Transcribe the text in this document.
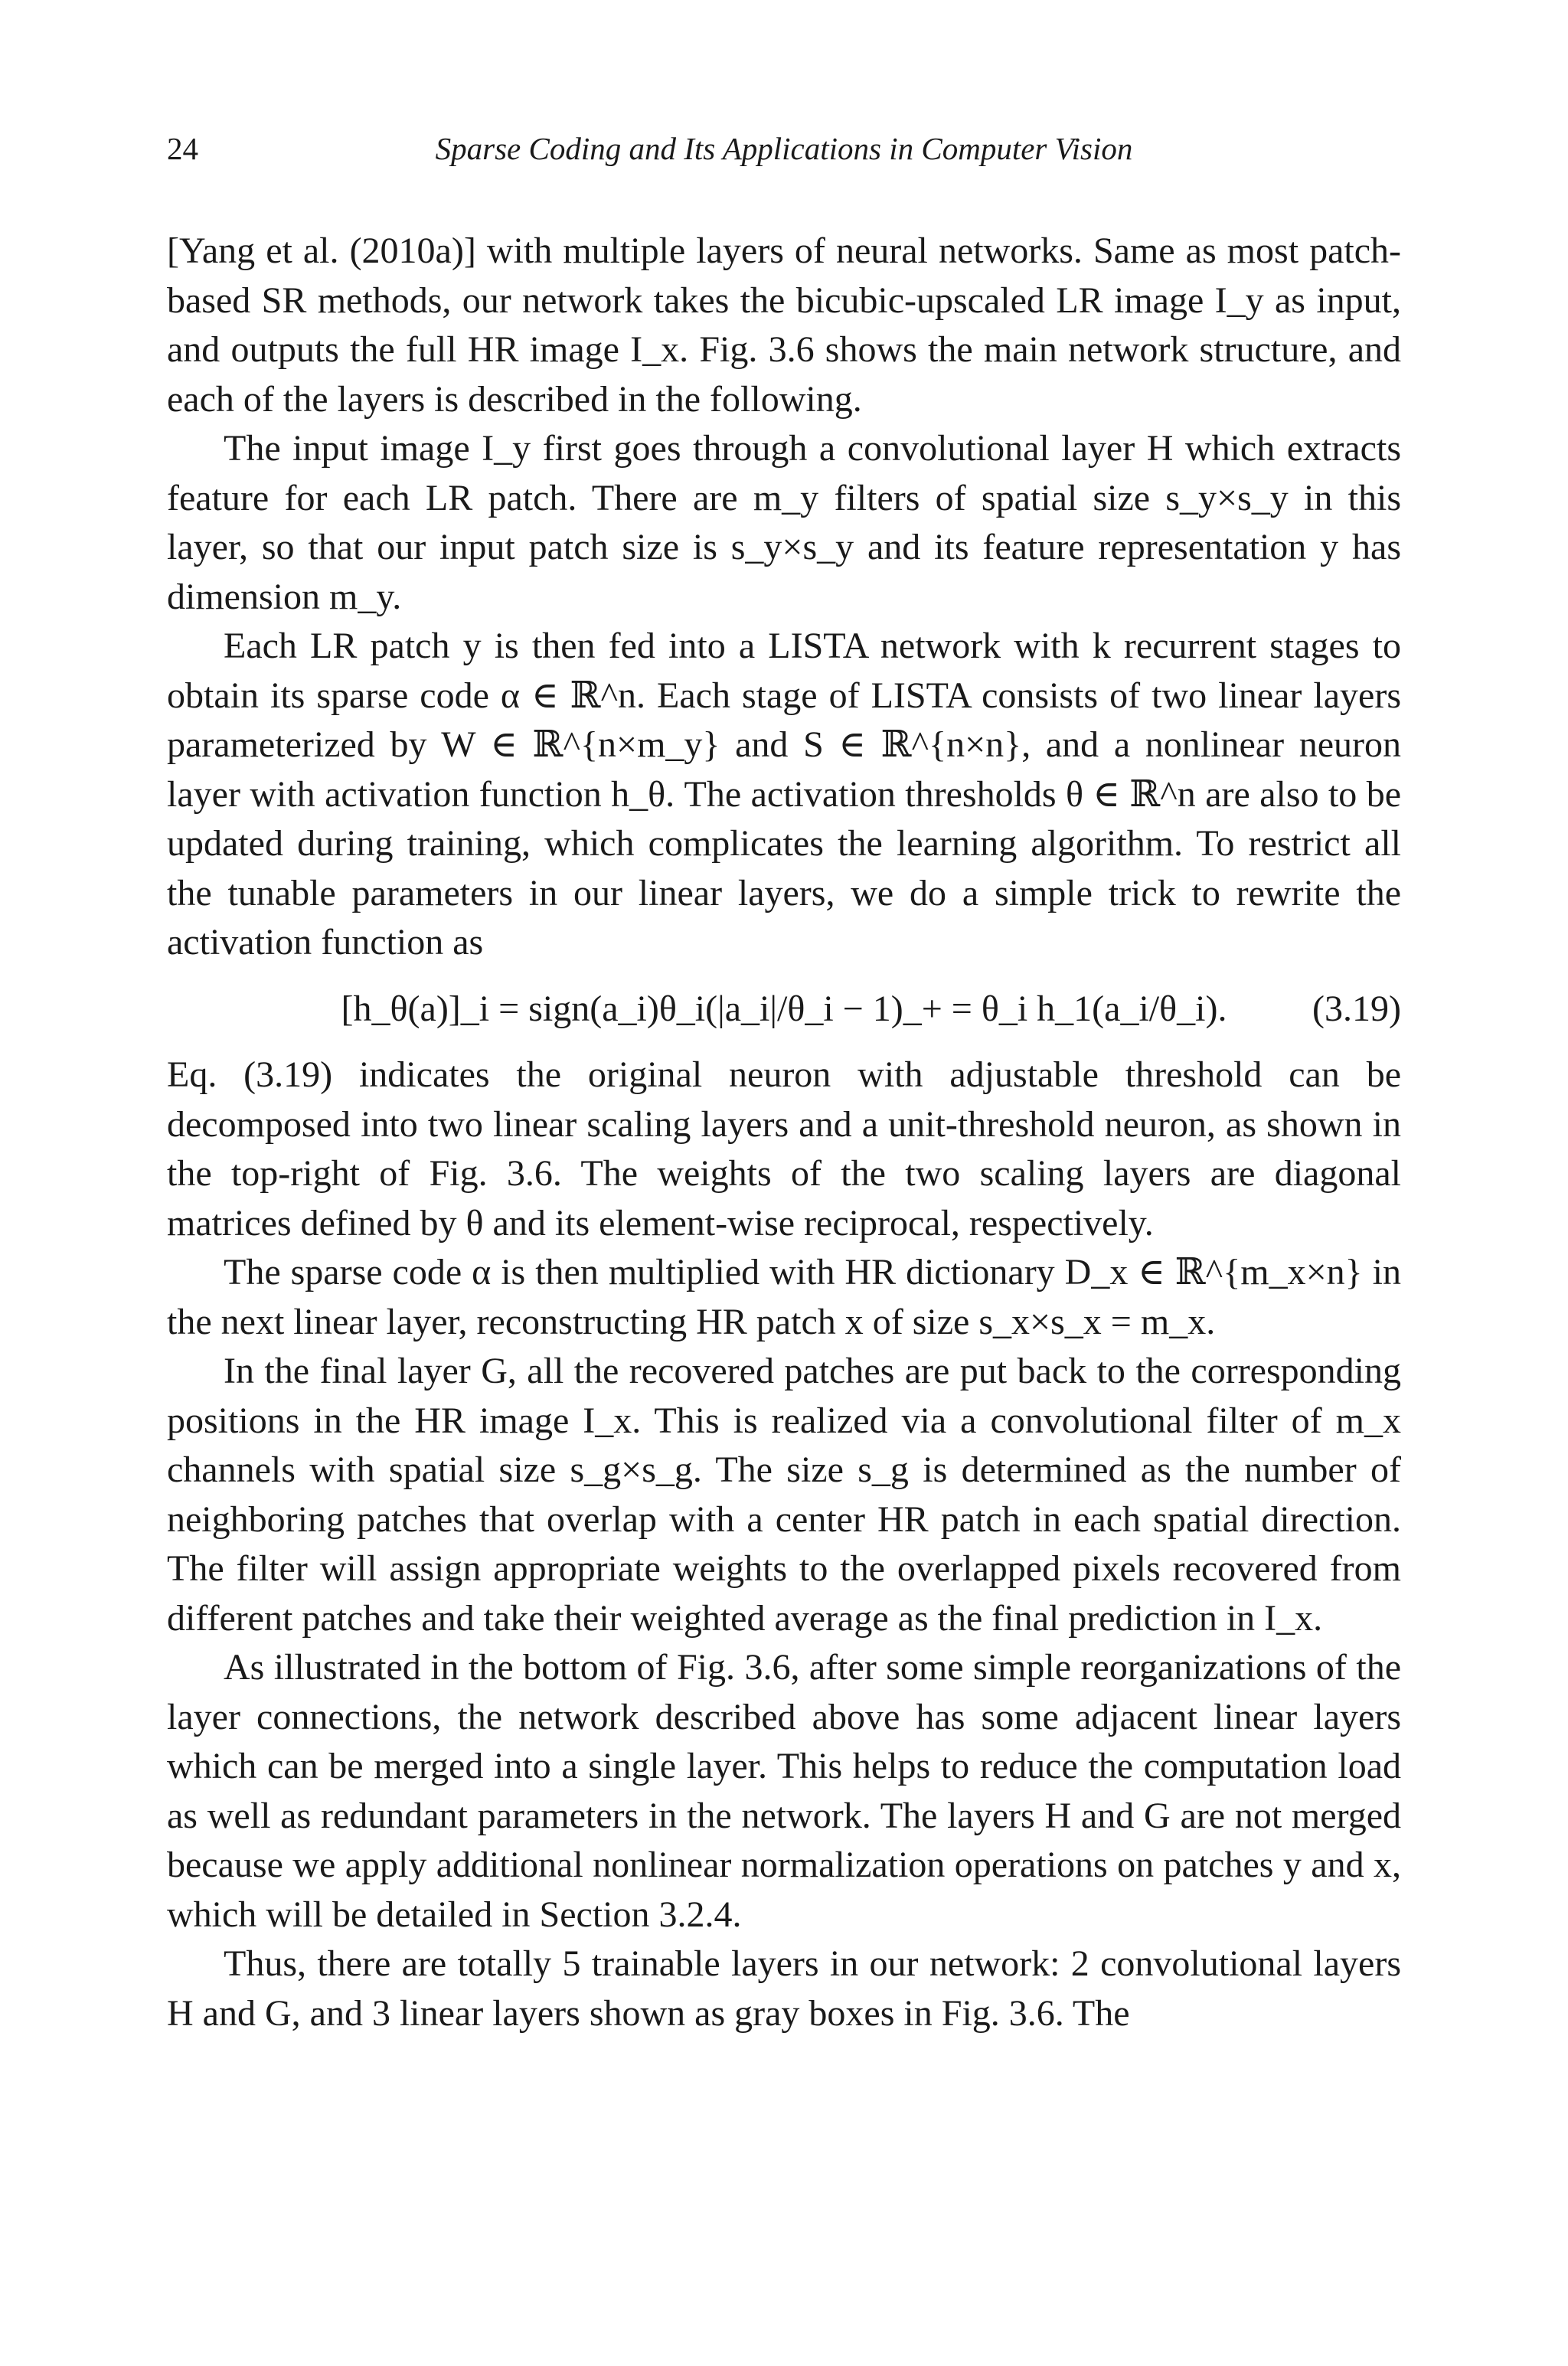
24	Sparse Coding and Its Applications in Computer Vision

[Yang et al. (2010a)] with multiple layers of neural networks. Same as most patch-based SR methods, our network takes the bicubic-upscaled LR image I_y as input, and outputs the full HR image I_x. Fig. 3.6 shows the main network structure, and each of the layers is described in the following.

The input image I_y first goes through a convolutional layer H which extracts feature for each LR patch. There are m_y filters of spatial size s_y×s_y in this layer, so that our input patch size is s_y×s_y and its feature representation y has dimension m_y.

Each LR patch y is then fed into a LISTA network with k recurrent stages to obtain its sparse code α ∈ ℝ^n. Each stage of LISTA consists of two linear layers parameterized by W ∈ ℝ^{n×m_y} and S ∈ ℝ^{n×n}, and a nonlinear neuron layer with activation function h_θ. The activation thresholds θ ∈ ℝ^n are also to be updated during training, which complicates the learning algorithm. To restrict all the tunable parameters in our linear layers, we do a simple trick to rewrite the activation function as

[h_θ(a)]_i = sign(a_i)θ_i(|a_i|/θ_i − 1)_+ = θ_i h_1(a_i/θ_i).	(3.19)

Eq. (3.19) indicates the original neuron with adjustable threshold can be decomposed into two linear scaling layers and a unit-threshold neuron, as shown in the top-right of Fig. 3.6. The weights of the two scaling layers are diagonal matrices defined by θ and its element-wise reciprocal, respectively.

The sparse code α is then multiplied with HR dictionary D_x ∈ ℝ^{m_x×n} in the next linear layer, reconstructing HR patch x of size s_x×s_x = m_x.

In the final layer G, all the recovered patches are put back to the corresponding positions in the HR image I_x. This is realized via a convolutional filter of m_x channels with spatial size s_g×s_g. The size s_g is determined as the number of neighboring patches that overlap with a center HR patch in each spatial direction. The filter will assign appropriate weights to the overlapped pixels recovered from different patches and take their weighted average as the final prediction in I_x.

As illustrated in the bottom of Fig. 3.6, after some simple reorganizations of the layer connections, the network described above has some adjacent linear layers which can be merged into a single layer. This helps to reduce the computation load as well as redundant parameters in the network. The layers H and G are not merged because we apply additional nonlinear normalization operations on patches y and x, which will be detailed in Section 3.2.4.

Thus, there are totally 5 trainable layers in our network: 2 convolutional layers H and G, and 3 linear layers shown as gray boxes in Fig. 3.6. The
